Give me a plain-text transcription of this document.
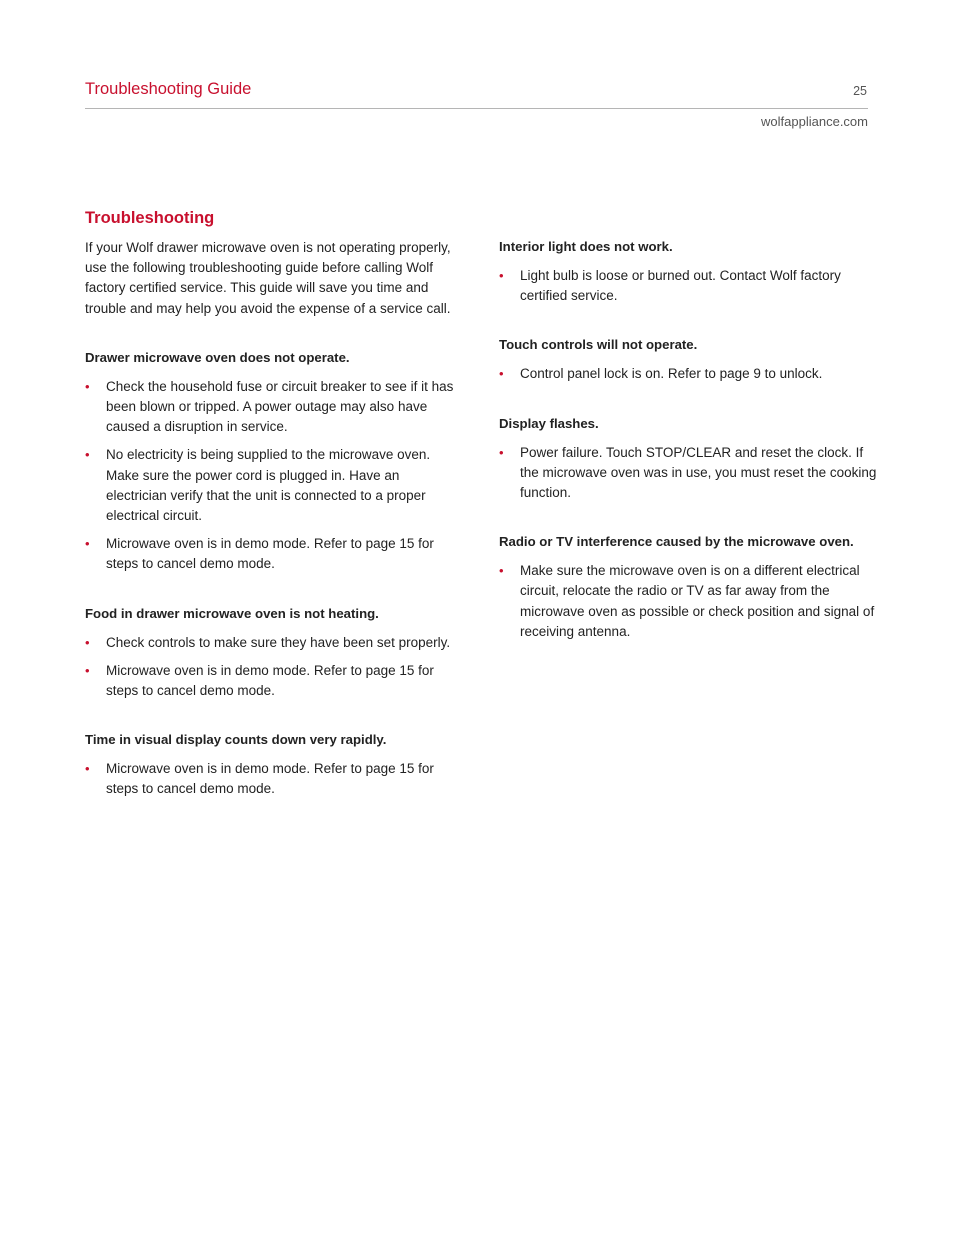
Troubleshooting Guide	25
wolfappliance.com
Troubleshooting

If your Wolf drawer microwave oven is not operating properly, use the following troubleshooting guide before calling Wolf factory certified service. This guide will save you time and trouble and may help you avoid the expense of a service call.

Drawer microwave oven does not operate.

• Check the household fuse or circuit breaker to see if it has been blown or tripped. A power outage may also have caused a disruption in service.
• No electricity is being supplied to the microwave oven. Make sure the power cord is plugged in. Have an electrician verify that the unit is connected to a proper electrical circuit.
• Microwave oven is in demo mode. Refer to page 15 for steps to cancel demo mode.

Food in drawer microwave oven is not heating.

• Check controls to make sure they have been set properly.
• Microwave oven is in demo mode. Refer to page 15 for steps to cancel demo mode.

Time in visual display counts down very rapidly.

• Microwave oven is in demo mode. Refer to page 15 for steps to cancel demo mode.

Interior light does not work.

• Light bulb is loose or burned out. Contact Wolf factory certified service.

Touch controls will not operate.

• Control panel lock is on. Refer to page 9 to unlock.

Display flashes.

• Power failure. Touch STOP/CLEAR and reset the clock. If the microwave oven was in use, you must reset the cooking function.

Radio or TV interference caused by the microwave oven.

• Make sure the microwave oven is on a different electrical circuit, relocate the radio or TV as far away from the microwave oven as possible or check position and signal of receiving antenna.
